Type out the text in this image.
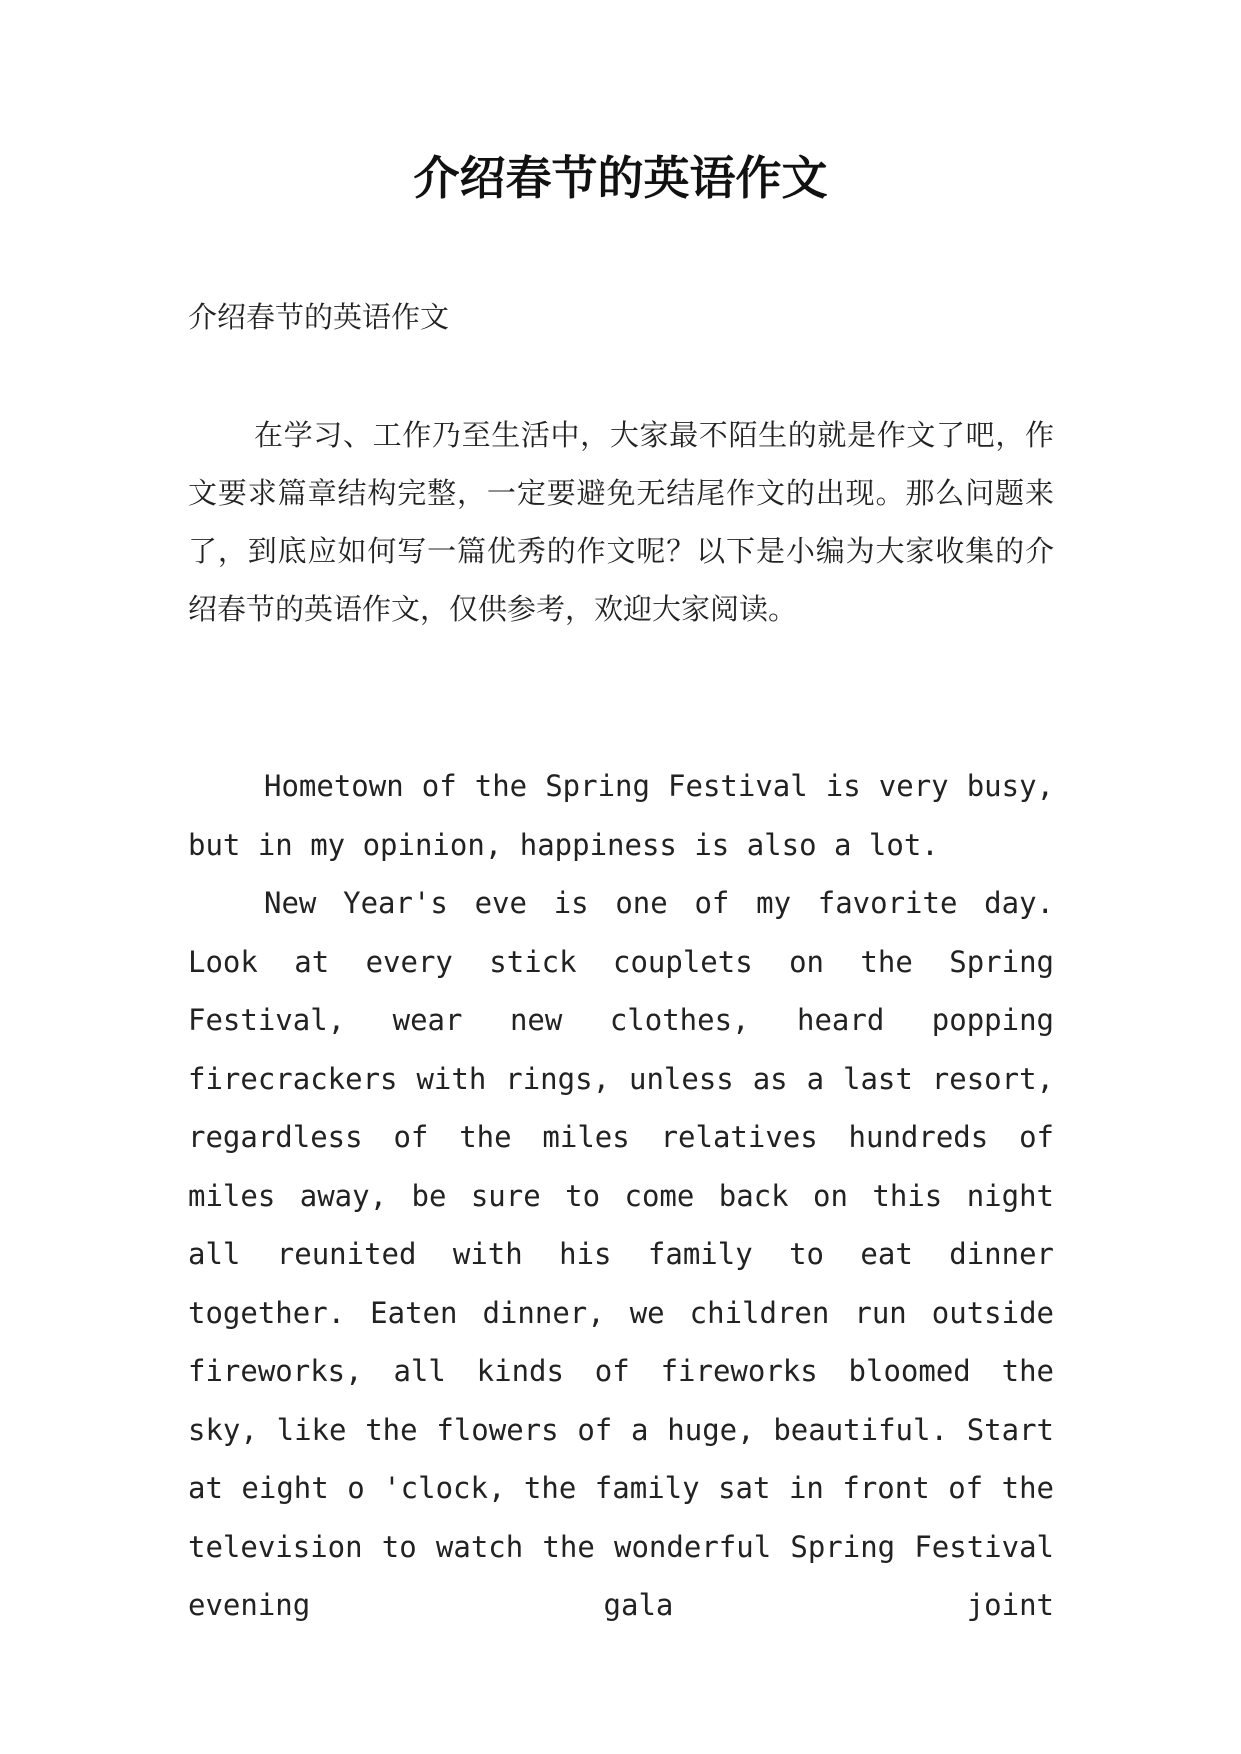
介绍春节的英语作文

介绍春节的英语作文

在学习、工作乃至生活中，大家最不陌生的就是作文了吧，作文要求篇章结构完整，一定要避免无结尾作文的出现。那么问题来了，到底应如何写一篇优秀的作文呢？以下是小编为大家收集的介绍春节的英语作文，仅供参考，欢迎大家阅读。

Hometown of the Spring Festival is very busy, but in my opinion, happiness is also a lot.

New Year's eve is one of my favorite day. Look at every stick couplets on the Spring Festival, wear new clothes, heard popping firecrackers with rings, unless as a last resort, regardless of the miles relatives hundreds of miles away, be sure to come back on this night all reunited with his family to eat dinner together. Eaten dinner, we children run outside fireworks, all kinds of fireworks bloomed the sky, like the flowers of a huge, beautiful. Start at eight o 'clock, the family sat in front of the television to watch the wonderful Spring Festival evening gala joint
